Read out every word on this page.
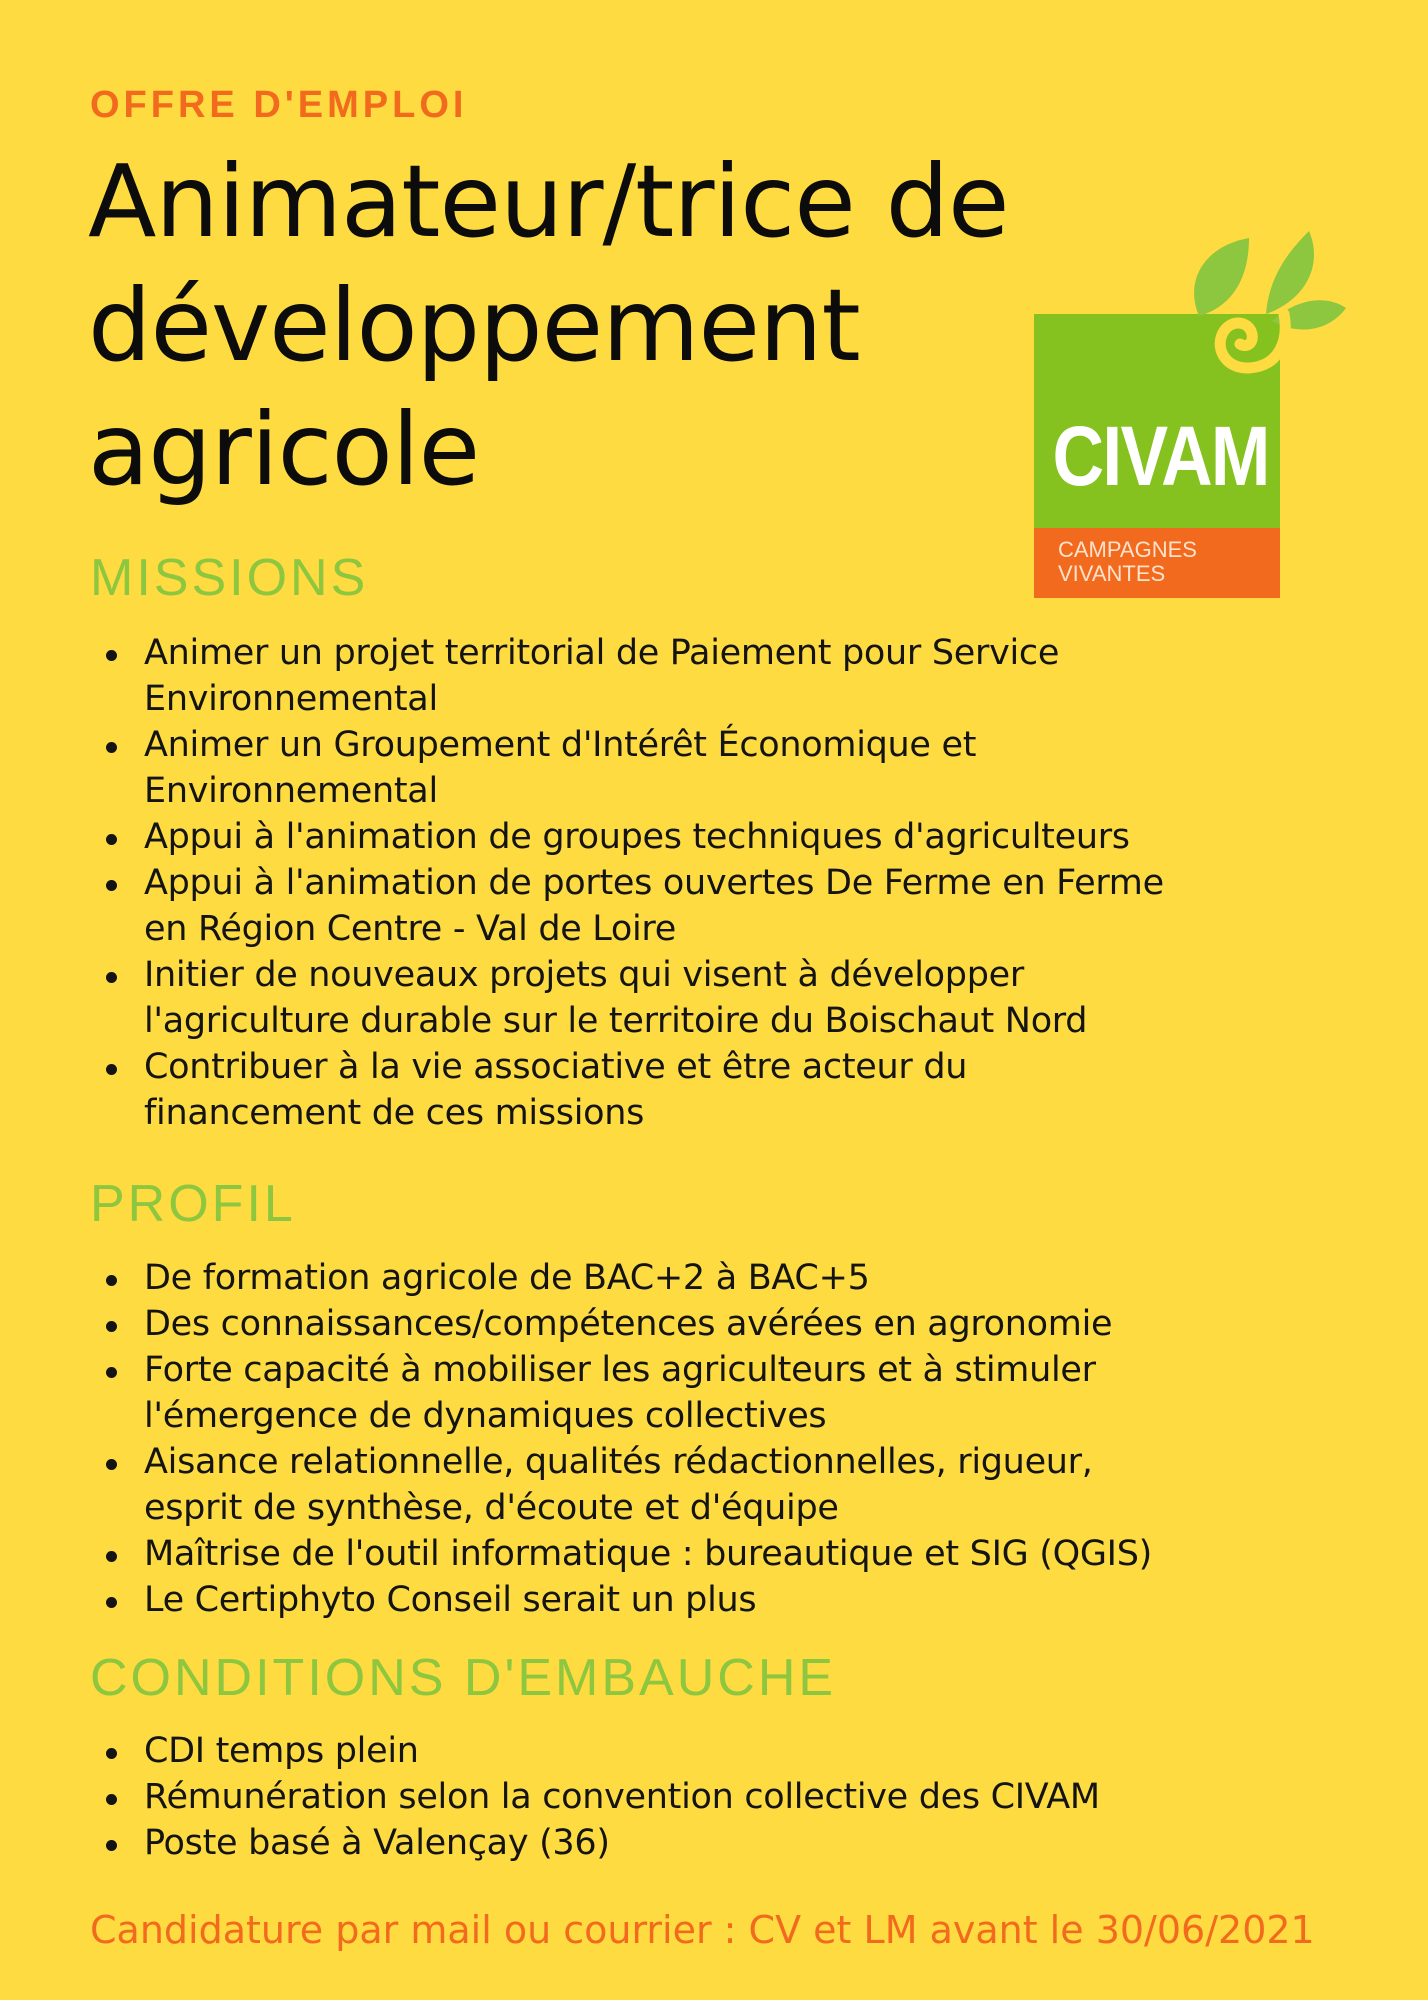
OFFRE D'EMPLOI
Animateur/trice de
développement
agricole	CIVAM
CAMPAGNES
VIVANTES
MISSIONS
Animer un projet territorial de Paiement pour Service
Environnemental
Animer un Groupement d'Intérêt Économique et
Environnemental
Appui à l'animation de groupes techniques d'agriculteurs
Appui à l'animation de portes ouvertes De Ferme en Ferme
en Région Centre - Val de Loire
Initier de nouveaux projets qui visent à développer
l'agriculture durable sur le territoire du Boischaut Nord
Contribuer à la vie associative et être acteur du
financement de ces missions
PROFIL
De formation agricole de BAC+2 à BAC+5
Des connaissances/compétences avérées en agronomie
Forte capacité à mobiliser les agriculteurs et à stimuler
l'émergence de dynamiques collectives
Aisance relationnelle, qualités rédactionnelles, rigueur,
esprit de synthèse, d'écoute et d'équipe
Maîtrise de l'outil informatique : bureautique et SIG (QGIS)
Le Certiphyto Conseil serait un plus
CONDITIONS D'EMBAUCHE
CDI temps plein
Rémunération selon la convention collective des CIVAM
Poste basé à Valençay (36)
Candidature par mail ou courrier : CV et LM avant le 30/06/2021
